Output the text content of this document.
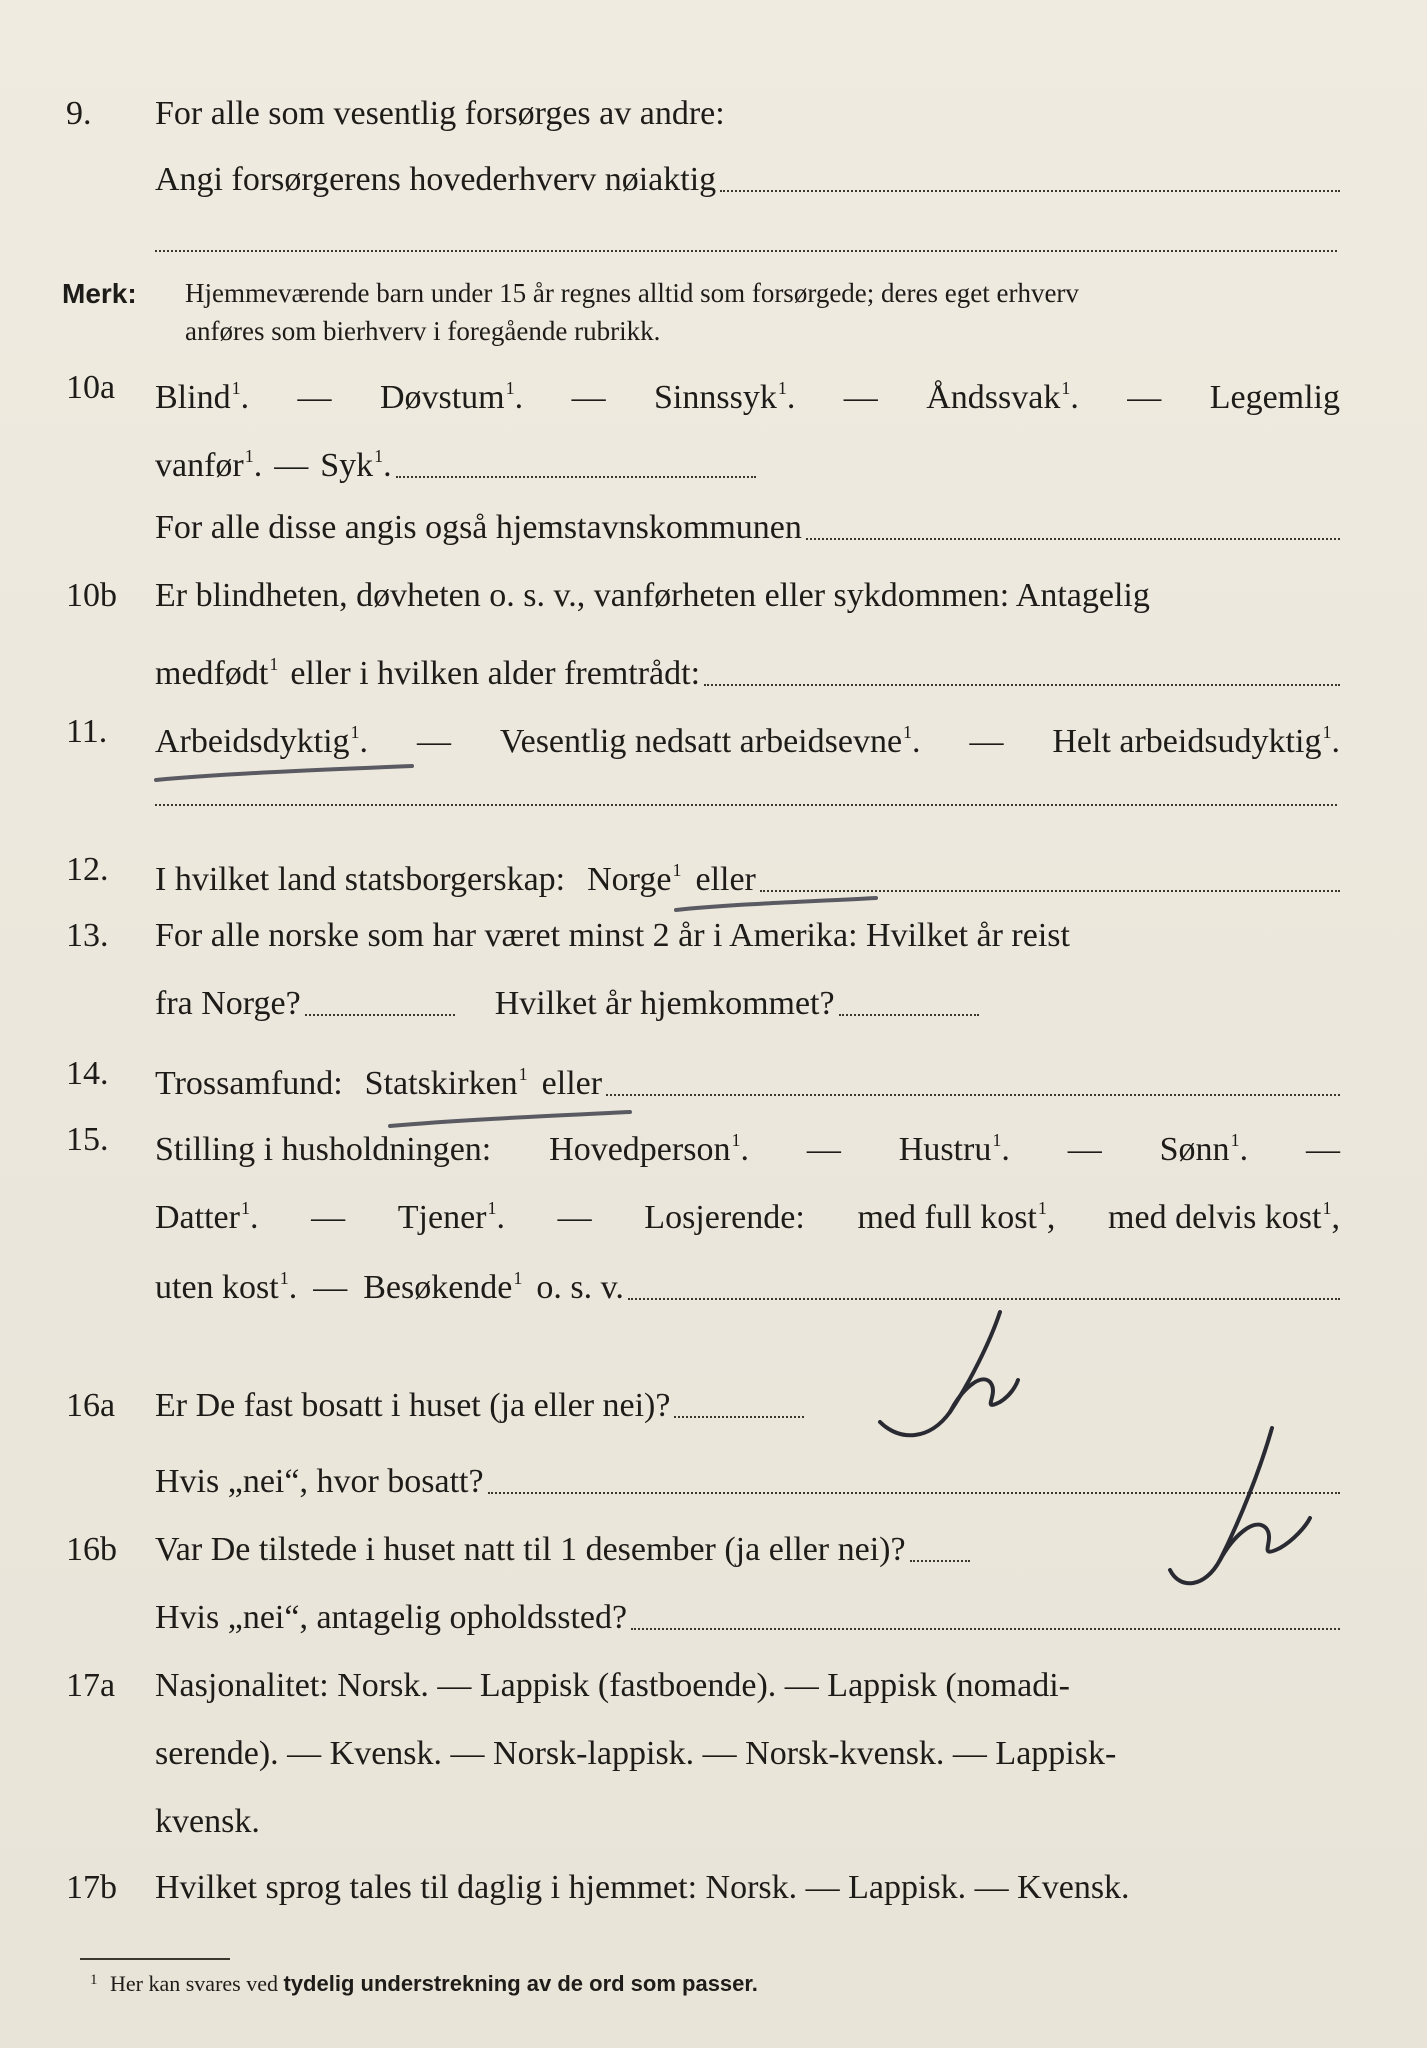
9.	For alle som vesentlig forsørges av andre:
Angi forsørgerens hovederhverv nøiaktig
Merk: Hjemmeværende barn under 15 år regnes alltid som forsørgede; deres eget erhverv
anføres som bierhverv i foregående rubrikk.
10a	Blind$^1$. — Døvstum$^1$. — Sinnssyk$^1$. — Åndssvak$^1$. — Legemlig
vanfør$^1$. — Syk$^1$.
For alle disse angis også hjemstavnskommunen
10b	Er blindheten, døvheten o. s. v., vanførheten eller sykdommen: Antagelig
medfødt$^1$ eller i hvilken alder fremtrådt:
11.	Arbeidsdyktig$^1$. — Vesentlig nedsatt arbeidsevne$^1$. — Helt arbeidsudyktig$^1$.
12.	I hvilket land statsborgerskap: Norge$^1$ eller
13.	For alle norske som har været minst 2 år i Amerika: Hvilket år reist
fra Norge?	Hvilket år hjemkommet?
14.	Trossamfund: Statskirken$^1$ eller
15.	Stilling i husholdningen: Hovedperson$^1$. — Hustru$^1$. — Sønn$^1$. —
Datter$^1$. — Tjener$^1$. — Losjerende: med full kost$^1$, med delvis kost$^1$,
uten kost$^1$. — Besøkende$^1$ o. s. v.
16a	Er De fast bosatt i huset (ja eller nei)?
Ja
Hvis „nei“, hvor bosatt?
16b	Var De tilstede i huset natt til 1 desember (ja eller nei)?
Ja
Hvis „nei“, antagelig opholdssted?
17a	Nasjonalitet: Norsk. — Lappisk (fastboende). — Lappisk (nomadi-
serende). — Kvensk. — Norsk-lappisk. — Norsk-kvensk. — Lappisk-
kvensk.
17b	Hvilket sprog tales til daglig i hjemmet: Norsk. — Lappisk. — Kvensk.
1 Her kan svares ved tydelig understrekning av de ord som passer.
